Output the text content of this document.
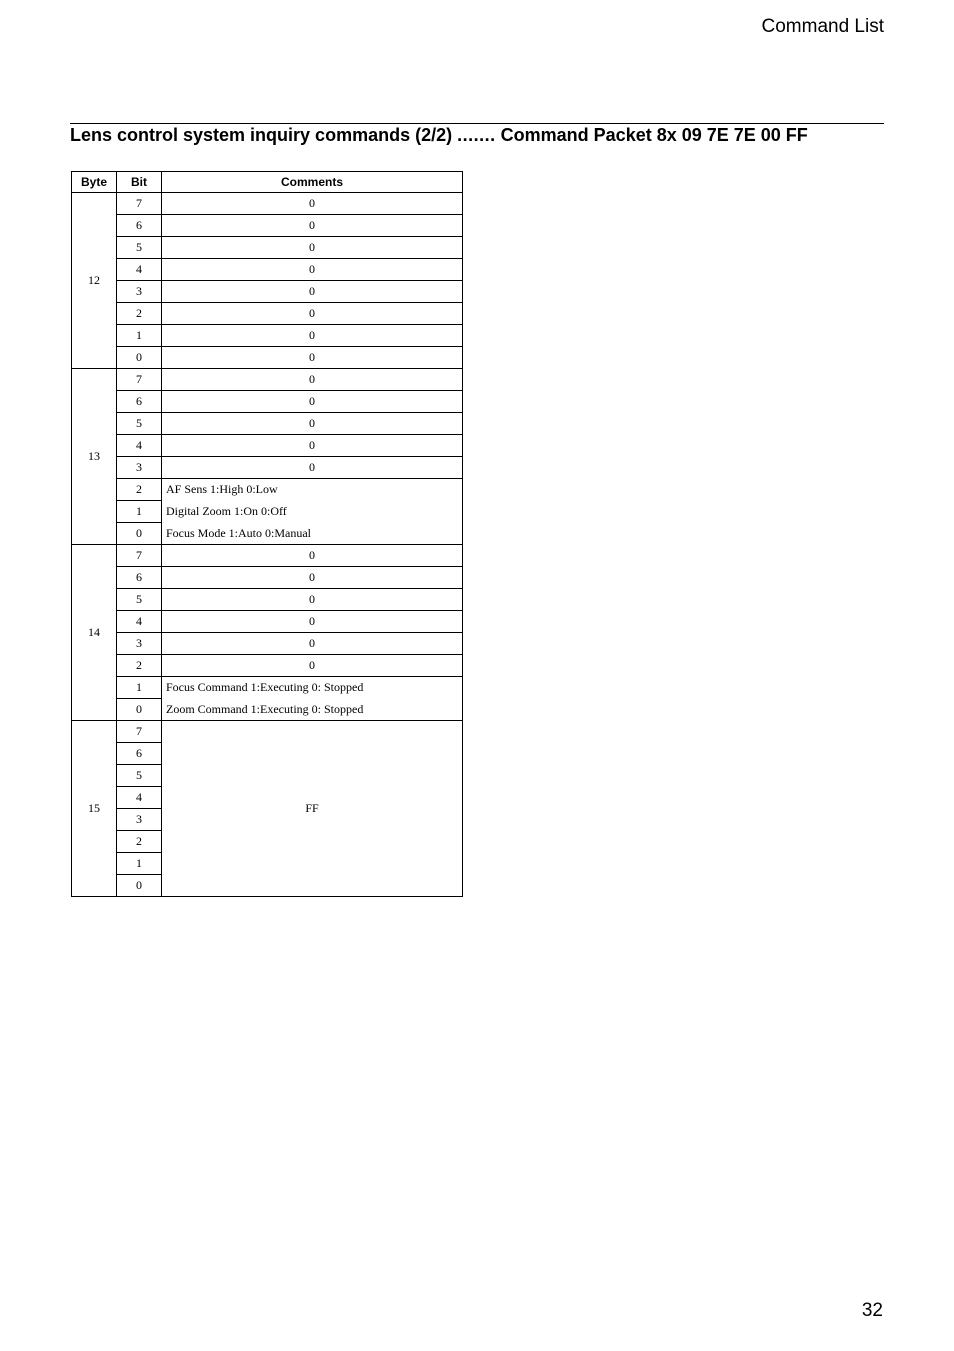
Command List
Lens control system inquiry commands (2/2) ....... Command Packet 8x 09 7E 7E 00 FF
Byte	Bit	Comments
12	7	0
	6	0
	5	0
	4	0
	3	0
	2	0
	1	0
	0	0
13	7	0
	6	0
	5	0
	4	0
	3	0
	2	AF Sens 1:High 0:Low
	1	Digital Zoom 1:On 0:Off
	0	Focus Mode 1:Auto 0:Manual
14	7	0
	6	0
	5	0
	4	0
	3	0
	2	0
	1	Focus Command 1:Executing 0: Stopped
	0	Zoom Command 1:Executing 0: Stopped
15	7	FF
	6	
	5	
	4	
	3	
	2	
	1	
	0	
32
